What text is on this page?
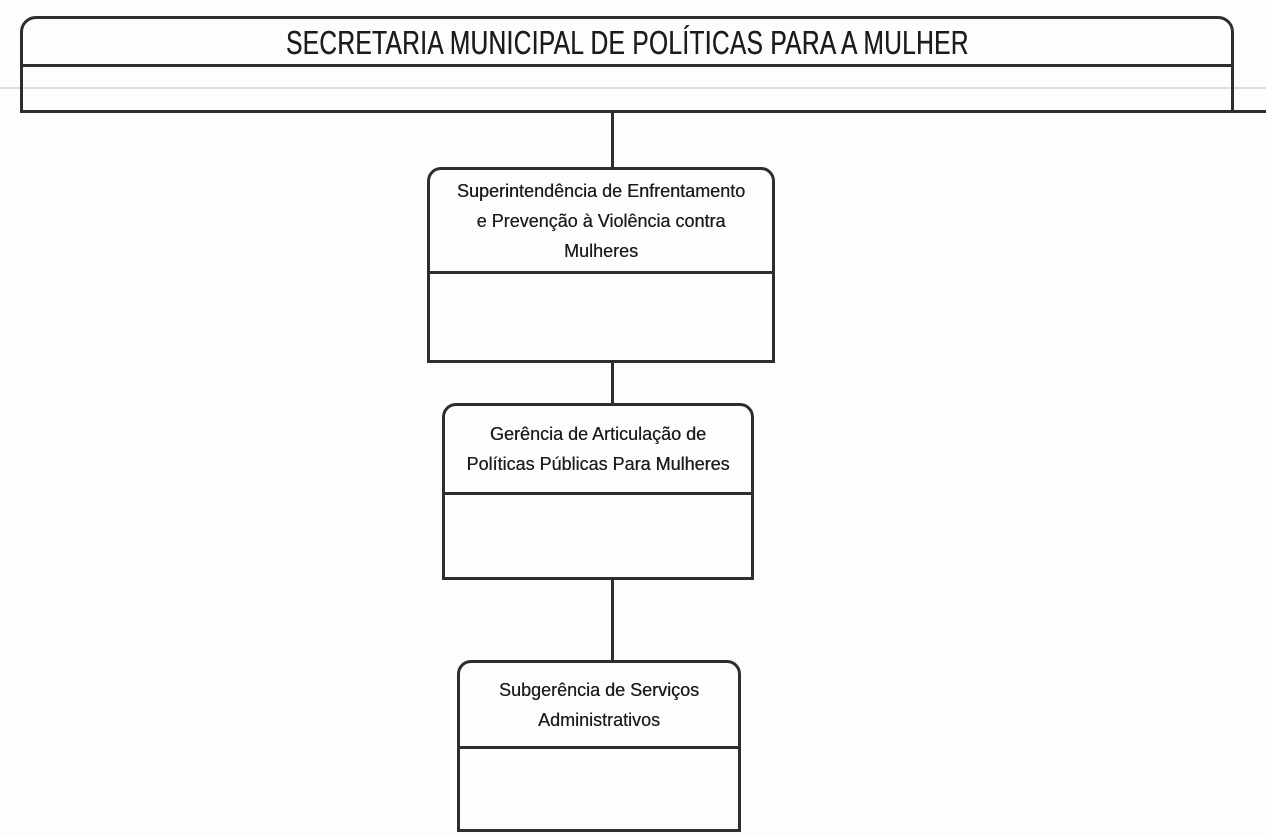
SECRETARIA MUNICIPAL DE POLÍTICAS PARA A MULHER
Superintendência de Enfrentamento
e Prevenção à Violência contra
Mulheres
Gerência de Articulação de
Políticas Públicas Para Mulheres
Subgerência de Serviços
Administrativos
